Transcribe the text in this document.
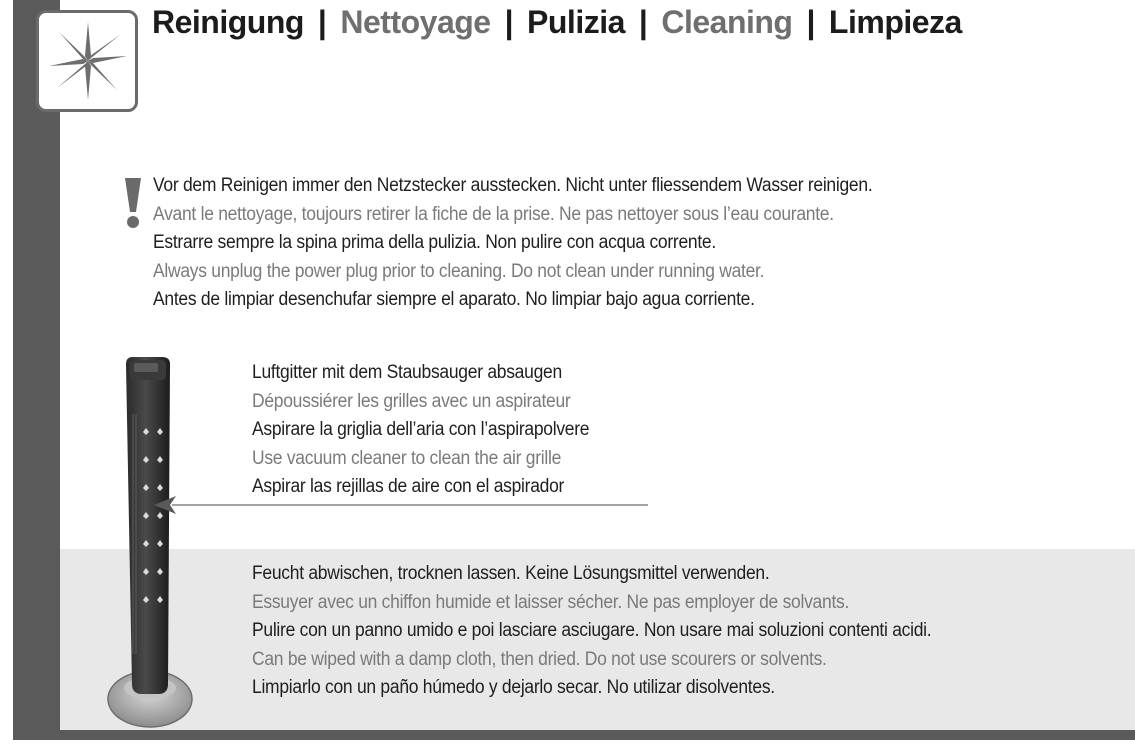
Reinigung | Nettoyage | Pulizia | Cleaning | Limpieza
Vor dem Reinigen immer den Netzstecker ausstecken. Nicht unter fliessendem Wasser reinigen.
Avant le nettoyage, toujours retirer la fiche de la prise. Ne pas nettoyer sous l’eau courante.
Estrarre sempre la spina prima della pulizia. Non pulire con acqua corrente.
Always unplug the power plug prior to cleaning. Do not clean under running water.
Antes de limpiar desenchufar siempre el aparato. No limpiar bajo agua corriente.
Luftgitter mit dem Staubsauger absaugen
Dépoussiérer les grilles avec un aspirateur
Aspirare la griglia dell’aria con l’aspirapolvere
Use vacuum cleaner to clean the air grille
Aspirar las rejillas de aire con el aspirador
Feucht abwischen, trocknen lassen. Keine Lösungsmittel verwenden.
Essuyer avec un chiffon humide et laisser sécher. Ne pas employer de solvants.
Pulire con un panno umido e poi lasciare asciugare. Non usare mai soluzioni contenti acidi.
Can be wiped with a damp cloth, then dried. Do not use scourers or solvents.
Limpiarlo con un paño húmedo y dejarlo secar. No utilizar disolventes.
